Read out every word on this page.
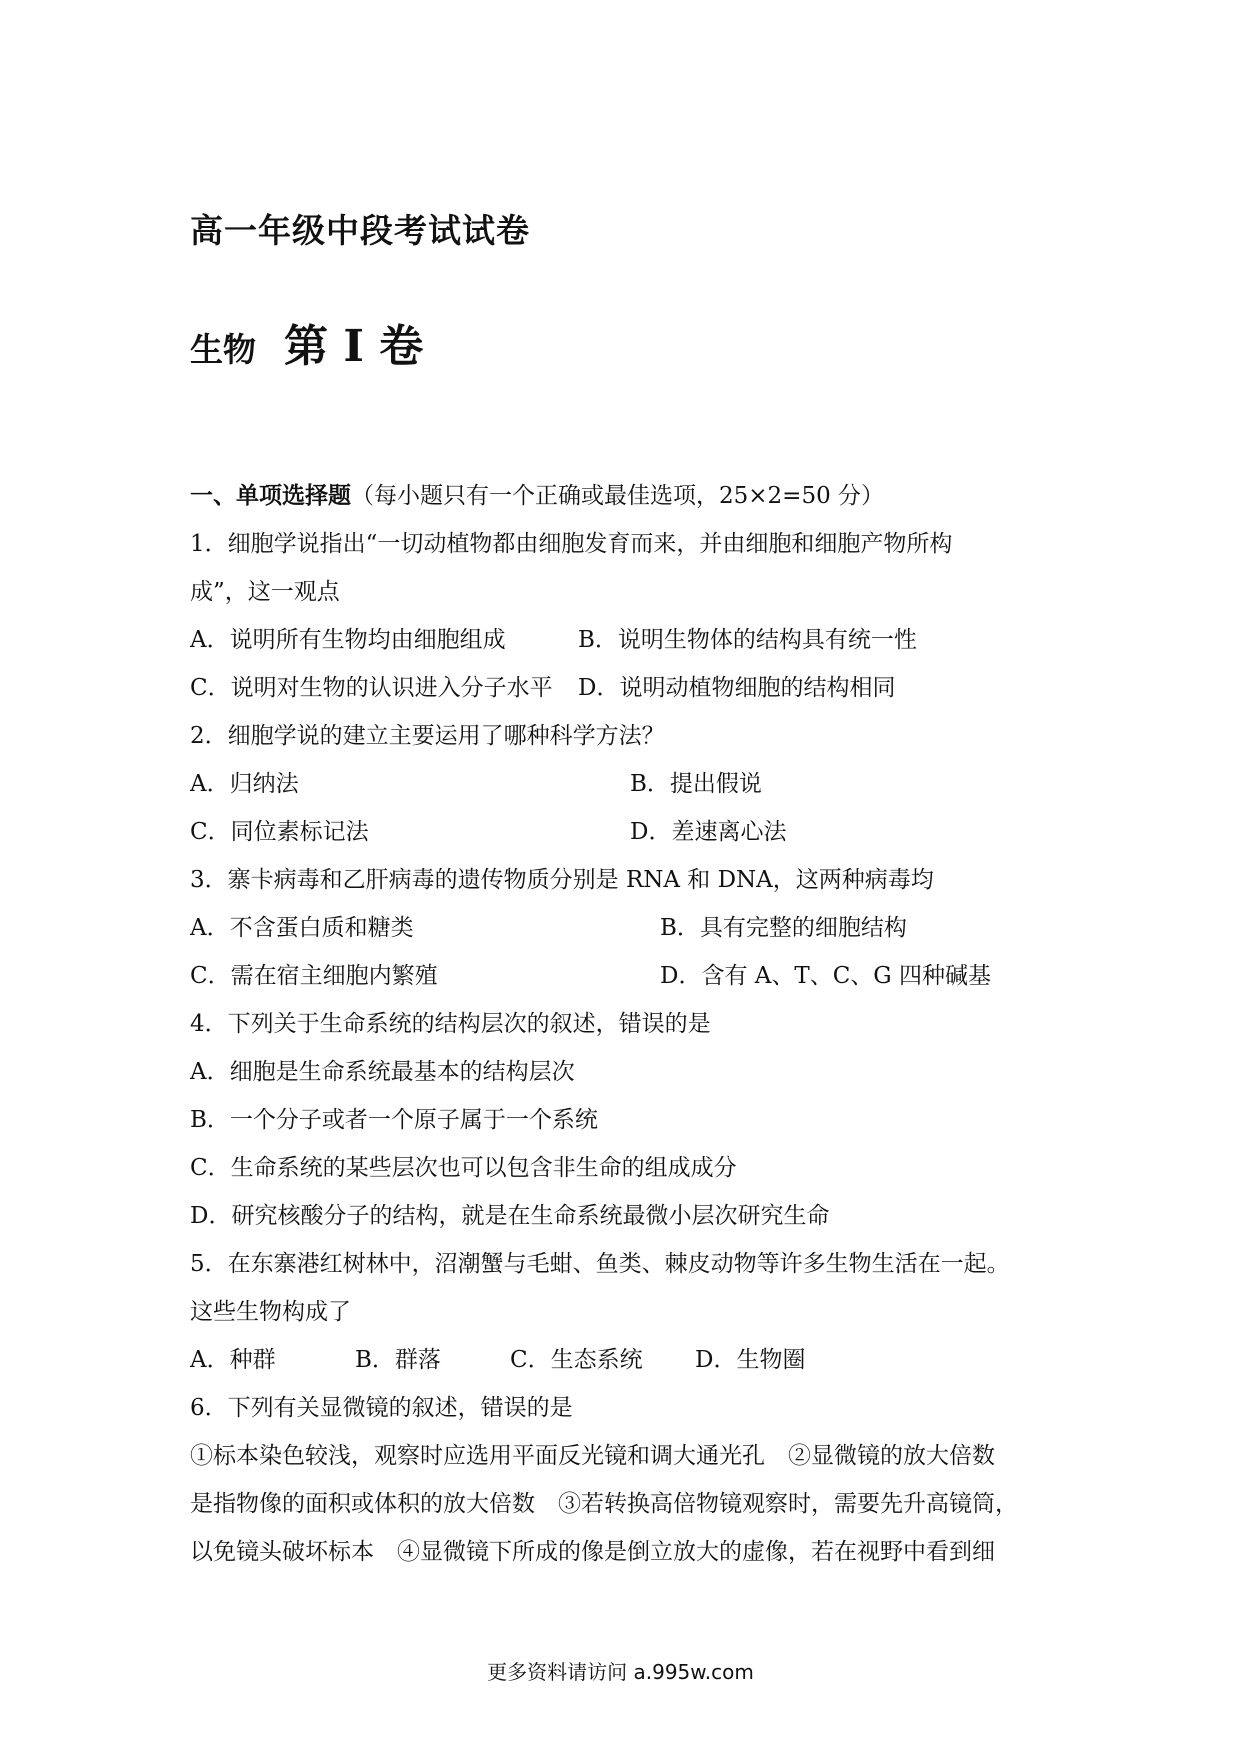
高一年级中段考试试卷
生物 第 I 卷
一、单项选择题（每小题只有一个正确或最佳选项，25×2=50 分）
1．细胞学说指出“一切动植物都由细胞发育而来，并由细胞和细胞产物所构
成”，这一观点
A．说明所有生物均由细胞组成	B．说明生物体的结构具有统一性
C．说明对生物的认识进入分子水平 D．说明动植物细胞的结构相同
2．细胞学说的建立主要运用了哪种科学方法？
A．归纳法	B．提出假说
C．同位素标记法	D．差速离心法
3．寨卡病毒和乙肝病毒的遗传物质分别是 RNA 和 DNA，这两种病毒均
A．不含蛋白质和糖类	B．具有完整的细胞结构
C．需在宿主细胞内繁殖	D．含有 A、T、C、G 四种碱基
4．下列关于生命系统的结构层次的叙述，错误的是
A．细胞是生命系统最基本的结构层次
B．一个分子或者一个原子属于一个系统
C．生命系统的某些层次也可以包含非生命的组成成分
D．研究核酸分子的结构，就是在生命系统最微小层次研究生命
5．在东寨港红树林中，沼潮蟹与毛蚶、鱼类、棘皮动物等许多生物生活在一起。
这些生物构成了
A．种群	B．群落	C．生态系统 D．生物圈
6．下列有关显微镜的叙述，错误的是
①标本染色较浅，观察时应选用平面反光镜和调大通光孔　②显微镜的放大倍数
是指物像的面积或体积的放大倍数　③若转换高倍物镜观察时，需要先升高镜筒，
以免镜头破坏标本　④显微镜下所成的像是倒立放大的虚像，若在视野中看到细
更多资料请访问 a.995w.com
